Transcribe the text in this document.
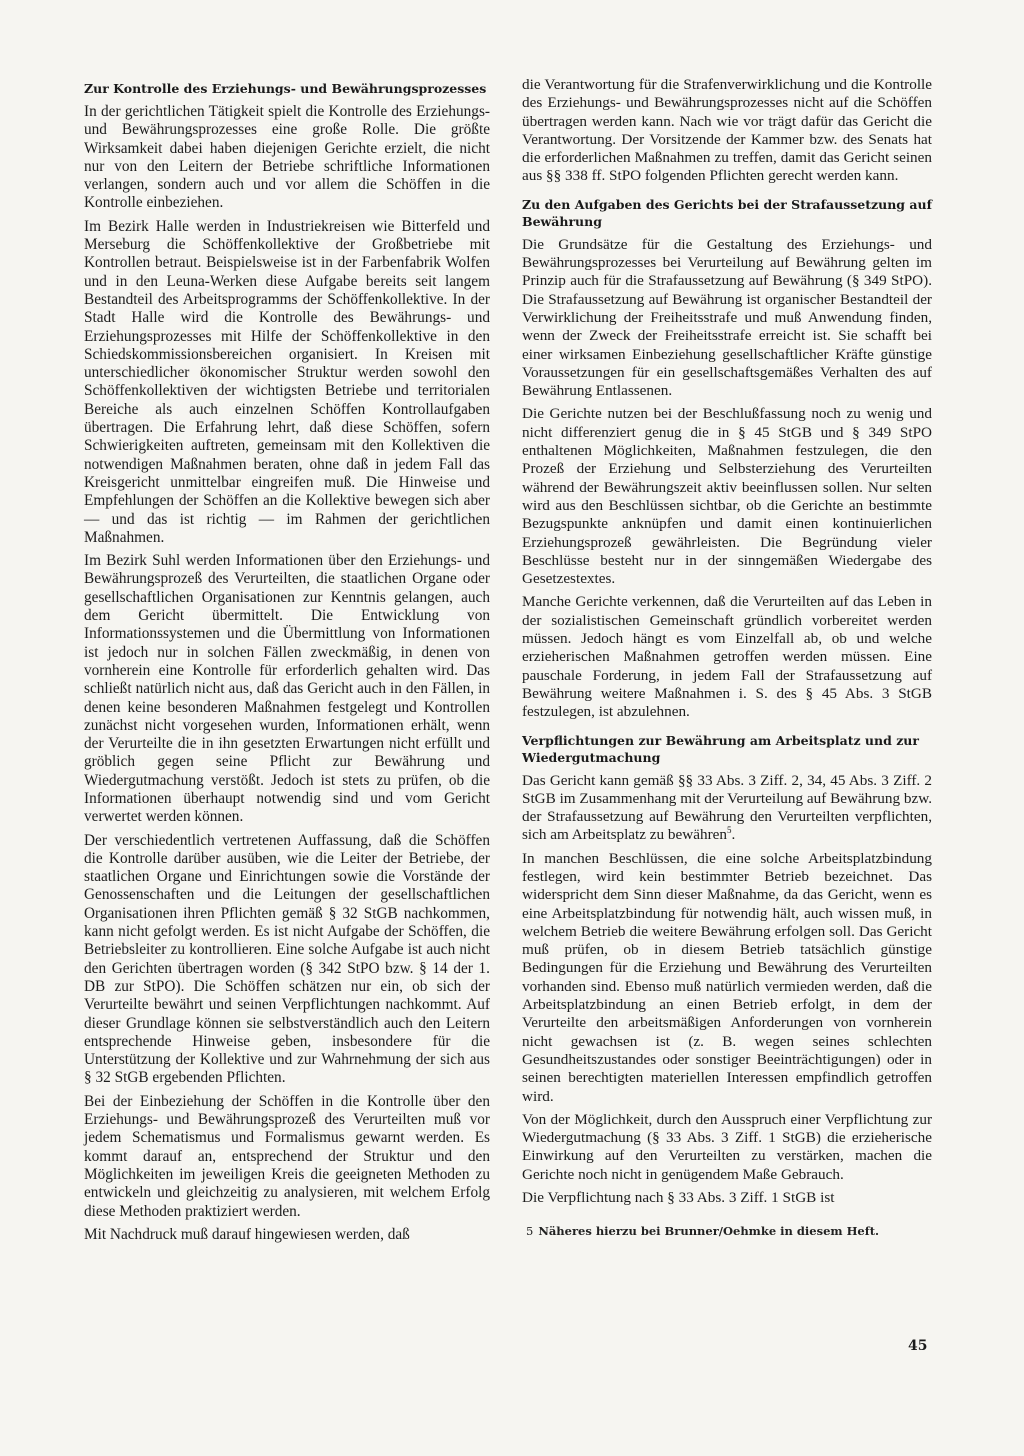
Zur Kontrolle des Erziehungs- und Bewährungsprozesses

In der gerichtlichen Tätigkeit spielt die Kontrolle des Erziehungs- und Bewährungsprozesses eine große Rolle. Die größte Wirksamkeit dabei haben diejenigen Gerichte erzielt, die nicht nur von den Leitern der Betriebe schriftliche Informationen verlangen, sondern auch und vor allem die Schöffen in die Kontrolle einbeziehen.

Im Bezirk Halle werden in Industriekreisen wie Bitterfeld und Merseburg die Schöffenkollektive der Großbetriebe mit Kontrollen betraut. Beispielsweise ist in der Farbenfabrik Wolfen und in den Leuna-Werken diese Aufgabe bereits seit langem Bestandteil des Arbeitsprogramms der Schöffenkollektive. In der Stadt Halle wird die Kontrolle des Bewährungs- und Erziehungsprozesses mit Hilfe der Schöffenkollektive in den Schiedskommissionsbereichen organisiert. In Kreisen mit unterschiedlicher ökonomischer Struktur werden sowohl den Schöffenkollektiven der wichtigsten Betriebe und territorialen Bereiche als auch einzelnen Schöffen Kontrollaufgaben übertragen. Die Erfahrung lehrt, daß diese Schöffen, sofern Schwierigkeiten auftreten, gemeinsam mit den Kollektiven die notwendigen Maßnahmen beraten, ohne daß in jedem Fall das Kreisgericht unmittelbar eingreifen muß. Die Hinweise und Empfehlungen der Schöffen an die Kollektive bewegen sich aber — und das ist richtig — im Rahmen der gerichtlichen Maßnahmen.

Im Bezirk Suhl werden Informationen über den Erziehungs- und Bewährungsprozeß des Verurteilten, die staatlichen Organe oder gesellschaftlichen Organisationen zur Kenntnis gelangen, auch dem Gericht übermittelt. Die Entwicklung von Informationssystemen und die Übermittlung von Informationen ist jedoch nur in solchen Fällen zweckmäßig, in denen von vornherein eine Kontrolle für erforderlich gehalten wird. Das schließt natürlich nicht aus, daß das Gericht auch in den Fällen, in denen keine besonderen Maßnahmen festgelegt und Kontrollen zunächst nicht vorgesehen wurden, Informationen erhält, wenn der Verurteilte die in ihn gesetzten Erwartungen nicht erfüllt und gröblich gegen seine Pflicht zur Bewährung und Wiedergutmachung verstößt. Jedoch ist stets zu prüfen, ob die Informationen überhaupt notwendig sind und vom Gericht verwertet werden können.

Der verschiedentlich vertretenen Auffassung, daß die Schöffen die Kontrolle darüber ausüben, wie die Leiter der Betriebe, der staatlichen Organe und Einrichtungen sowie die Vorstände der Genossenschaften und die Leitungen der gesellschaftlichen Organisationen ihren Pflichten gemäß § 32 StGB nachkommen, kann nicht gefolgt werden. Es ist nicht Aufgabe der Schöffen, die Betriebsleiter zu kontrollieren. Eine solche Aufgabe ist auch nicht den Gerichten übertragen worden (§ 342 StPO bzw. § 14 der 1. DB zur StPO). Die Schöffen schätzen nur ein, ob sich der Verurteilte bewährt und seinen Verpflichtungen nachkommt. Auf dieser Grundlage können sie selbstverständlich auch den Leitern entsprechende Hinweise geben, insbesondere für die Unterstützung der Kollektive und zur Wahrnehmung der sich aus § 32 StGB ergebenden Pflichten.

Bei der Einbeziehung der Schöffen in die Kontrolle über den Erziehungs- und Bewährungsprozeß des Verurteilten muß vor jedem Schematismus und Formalismus gewarnt werden. Es kommt darauf an, entsprechend der Struktur und den Möglichkeiten im jeweiligen Kreis die geeigneten Methoden zu entwickeln und gleichzeitig zu analysieren, mit welchem Erfolg diese Methoden praktiziert werden.

Mit Nachdruck muß darauf hingewiesen werden, daß

die Verantwortung für die Strafenverwirklichung und die Kontrolle des Erziehungs- und Bewährungsprozesses nicht auf die Schöffen übertragen werden kann. Nach wie vor trägt dafür das Gericht die Verantwortung. Der Vorsitzende der Kammer bzw. des Senats hat die erforderlichen Maßnahmen zu treffen, damit das Gericht seinen aus §§ 338 ff. StPO folgenden Pflichten gerecht werden kann.

Zu den Aufgaben des Gerichts bei der Strafaussetzung auf Bewährung

Die Grundsätze für die Gestaltung des Erziehungs- und Bewährungsprozesses bei Verurteilung auf Bewährung gelten im Prinzip auch für die Strafaussetzung auf Bewährung (§ 349 StPO). Die Strafaussetzung auf Bewährung ist organischer Bestandteil der Verwirklichung der Freiheitsstrafe und muß Anwendung finden, wenn der Zweck der Freiheitsstrafe erreicht ist. Sie schafft bei einer wirksamen Einbeziehung gesellschaftlicher Kräfte günstige Voraussetzungen für ein gesellschaftsgemäßes Verhalten des auf Bewährung Entlassenen.

Die Gerichte nutzen bei der Beschlußfassung noch zu wenig und nicht differenziert genug die in § 45 StGB und § 349 StPO enthaltenen Möglichkeiten, Maßnahmen festzulegen, die den Prozeß der Erziehung und Selbsterziehung des Verurteilten während der Bewährungszeit aktiv beeinflussen sollen. Nur selten wird aus den Beschlüssen sichtbar, ob die Gerichte an bestimmte Bezugspunkte anknüpfen und damit einen kontinuierlichen Erziehungsprozeß gewährleisten. Die Begründung vieler Beschlüsse besteht nur in der sinngemäßen Wiedergabe des Gesetzestextes.

Manche Gerichte verkennen, daß die Verurteilten auf das Leben in der sozialistischen Gemeinschaft gründlich vorbereitet werden müssen. Jedoch hängt es vom Einzelfall ab, ob und welche erzieherischen Maßnahmen getroffen werden müssen. Eine pauschale Forderung, in jedem Fall der Strafaussetzung auf Bewährung weitere Maßnahmen i. S. des § 45 Abs. 3 StGB festzulegen, ist abzulehnen.

Verpflichtungen zur Bewährung am Arbeitsplatz und zur Wiedergutmachung

Das Gericht kann gemäß §§ 33 Abs. 3 Ziff. 2, 34, 45 Abs. 3 Ziff. 2 StGB im Zusammenhang mit der Verurteilung auf Bewährung bzw. der Strafaussetzung auf Bewährung den Verurteilten verpflichten, sich am Arbeitsplatz zu bewähren$^5$.

In manchen Beschlüssen, die eine solche Arbeitsplatzbindung festlegen, wird kein bestimmter Betrieb bezeichnet. Das widerspricht dem Sinn dieser Maßnahme, da das Gericht, wenn es eine Arbeitsplatzbindung für notwendig hält, auch wissen muß, in welchem Betrieb die weitere Bewährung erfolgen soll. Das Gericht muß prüfen, ob in diesem Betrieb tatsächlich günstige Bedingungen für die Erziehung und Bewährung des Verurteilten vorhanden sind. Ebenso muß natürlich vermieden werden, daß die Arbeitsplatzbindung an einen Betrieb erfolgt, in dem der Verurteilte den arbeitsmäßigen Anforderungen von vornherein nicht gewachsen ist (z. B. wegen seines schlechten Gesundheitszustandes oder sonstiger Beeinträchtigungen) oder in seinen berechtigten materiellen Interessen empfindlich getroffen wird.

Von der Möglichkeit, durch den Ausspruch einer Verpflichtung zur Wiedergutmachung (§ 33 Abs. 3 Ziff. 1 StGB) die erzieherische Einwirkung auf den Verurteilten zu verstärken, machen die Gerichte noch nicht in genügendem Maße Gebrauch.

Die Verpflichtung nach § 33 Abs. 3 Ziff. 1 StGB ist

5 Näheres hierzu bei Brunner/Oehmke in diesem Heft.
45
